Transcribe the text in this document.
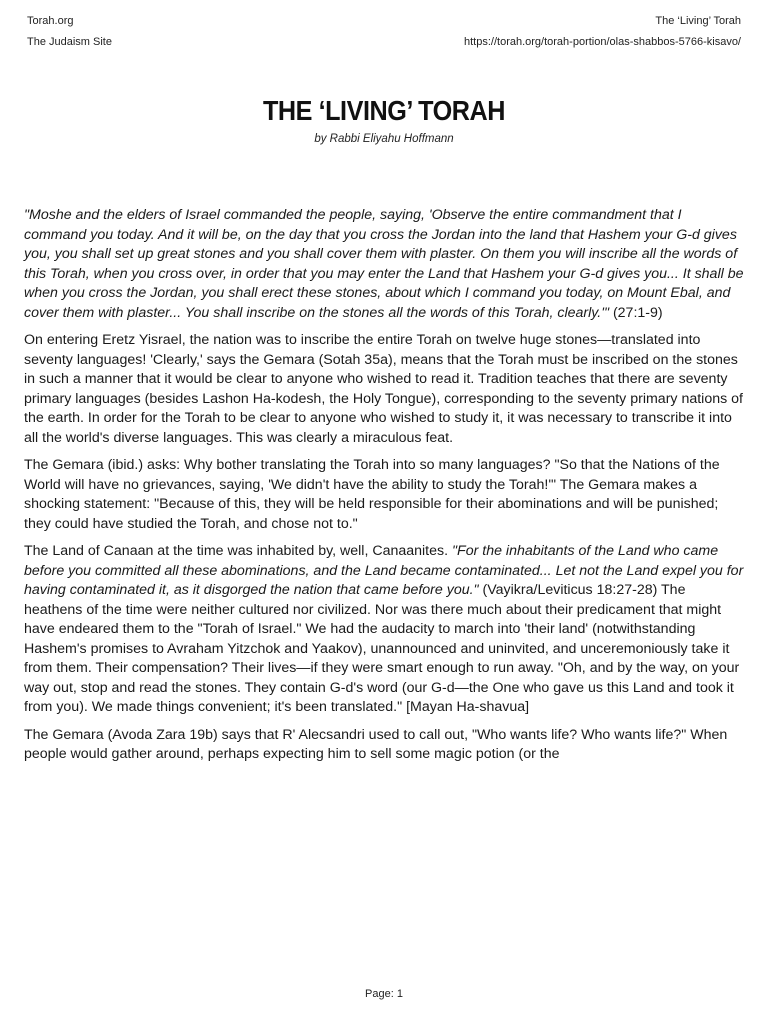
Torah.org
The Judaism Site
The ‘Living’ Torah
https://torah.org/torah-portion/olas-shabbos-5766-kisavo/
THE ‘LIVING’ TORAH
by Rabbi Eliyahu Hoffmann

"Moshe and the elders of Israel commanded the people, saying, 'Observe the entire commandment that I command you today. And it will be, on the day that you cross the Jordan into the land that Hashem your G-d gives you, you shall set up great stones and you shall cover them with plaster. On them you will inscribe all the words of this Torah, when you cross over, in order that you may enter the Land that Hashem your G-d gives you... It shall be when you cross the Jordan, you shall erect these stones, about which I command you today, on Mount Ebal, and cover them with plaster... You shall inscribe on the stones all the words of this Torah, clearly.'" (27:1-9)

On entering Eretz Yisrael, the nation was to inscribe the entire Torah on twelve huge stones—translated into seventy languages! 'Clearly,' says the Gemara (Sotah 35a), means that the Torah must be inscribed on the stones in such a manner that it would be clear to anyone who wished to read it. Tradition teaches that there are seventy primary languages (besides Lashon Ha-kodesh, the Holy Tongue), corresponding to the seventy primary nations of the earth. In order for the Torah to be clear to anyone who wished to study it, it was necessary to transcribe it into all the world's diverse languages. This was clearly a miraculous feat.

The Gemara (ibid.) asks: Why bother translating the Torah into so many languages? "So that the Nations of the World will have no grievances, saying, 'We didn't have the ability to study the Torah!'" The Gemara makes a shocking statement: "Because of this, they will be held responsible for their abominations and will be punished; they could have studied the Torah, and chose not to."

The Land of Canaan at the time was inhabited by, well, Canaanites. "For the inhabitants of the Land who came before you committed all these abominations, and the Land became contaminated... Let not the Land expel you for having contaminated it, as it disgorged the nation that came before you." (Vayikra/Leviticus 18:27-28) The heathens of the time were neither cultured nor civilized. Nor was there much about their predicament that might have endeared them to the "Torah of Israel." We had the audacity to march into 'their land' (notwithstanding Hashem's promises to Avraham Yitzchok and Yaakov), unannounced and uninvited, and unceremoniously take it from them. Their compensation? Their lives—if they were smart enough to run away. "Oh, and by the way, on your way out, stop and read the stones. They contain G-d's word (our G-d—the One who gave us this Land and took it from you). We made things convenient; it's been translated." [Mayan Ha-shavua]

The Gemara (Avoda Zara 19b) says that R' Alecsandri used to call out, "Who wants life? Who wants life?" When people would gather around, perhaps expecting him to sell some magic potion (or the

Page: 1
